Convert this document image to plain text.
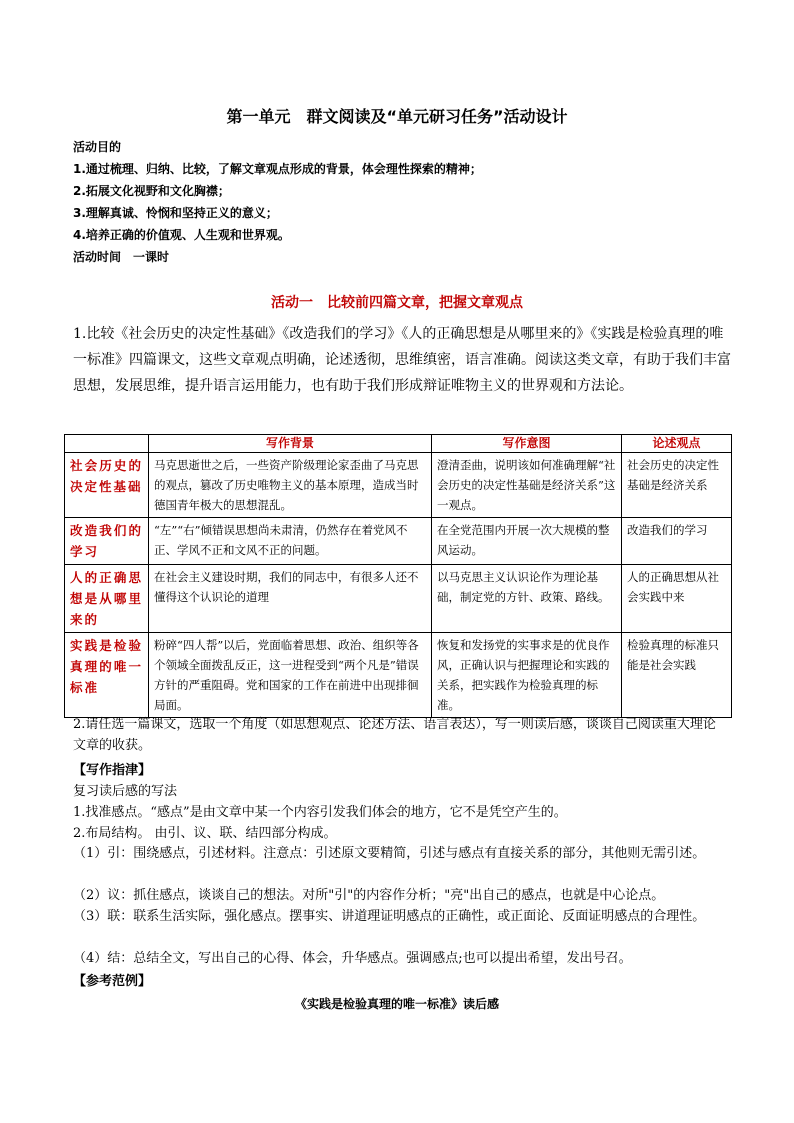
第一单元　群文阅读及“单元研习任务”活动设计
活动目的
1.通过梳理、归纳、比较，了解文章观点形成的背景，体会理性探索的精神；
2.拓展文化视野和文化胸襟；
3.理解真诚、怜悯和坚持正义的意义；
4.培养正确的价值观、人生观和世界观。
活动时间　一课时
活动一　比较前四篇文章，把握文章观点
1.比较《社会历史的决定性基础》《改造我们的学习》《人的正确思想是从哪里来的》《实践是检验真理的唯一标准》四篇课文，这些文章观点明确，论述透彻，思维缜密，语言准确。阅读这类文章，有助于我们丰富思想，发展思维，提升语言运用能力，也有助于我们形成辩证唯物主义的世界观和方法论。
	写作背景	写作意图	论述观点
社会历史的决定性基础	马克思逝世之后，一些资产阶级理论家歪曲了马克思的观点，篡改了历史唯物主义的基本原理，造成当时德国青年极大的思想混乱。	澄清歪曲，说明该如何准确理解“社会历史的决定性基础是经济关系”这一观点。	社会历史的决定性基础是经济关系
改造我们的学习	“左”“右”倾错误思想尚未肃清，仍然存在着党风不正、学风不正和文风不正的问题。	在全党范围内开展一次大规模的整风运动。	改造我们的学习
人的正确思想是从哪里来的	在社会主义建设时期，我们的同志中，有很多人还不懂得这个认识论的道理	以马克思主义认识论作为理论基础，制定党的方针、政策、路线。	人的正确思想从社会实践中来
实践是检验真理的唯一标准	粉碎“四人帮”以后，党面临着思想、政治、组织等各个领域全面拨乱反正，这一进程受到“两个凡是”错误方针的严重阻碍。党和国家的工作在前进中出现排徊局面。	恢复和发扬党的实事求是的优良作风，正确认识与把握理论和实践的关系，把实践作为检验真理的标准。	检验真理的标准只能是社会实践
2.请任选一篇课文，选取一个角度（如思想观点、论述方法、语言表达），写一则读后感，谈谈自己阅读重大理论文章的收获。
【写作指津】
复习读后感的写法
1.找准感点。“感点”是由文章中某一个内容引发我们体会的地方，它不是凭空产生的。
2.布局结构。 由引、议、联、结四部分构成。
（1）引：围绕感点，引述材料。注意点：引述原文要精简，引述与感点有直接关系的部分，其他则无需引述。
（2）议：抓住感点，谈谈自己的想法。对所"引"的内容作分析；"亮"出自己的感点，也就是中心论点。
（3）联：联系生活实际，强化感点。摆事实、讲道理证明感点的正确性，或正面论、反面证明感点的合理性。
（4）结：总结全文，写出自己的心得、体会，升华感点。强调感点;也可以提出希望，发出号召。
【参考范例】
《实践是检验真理的唯一标准》读后感
